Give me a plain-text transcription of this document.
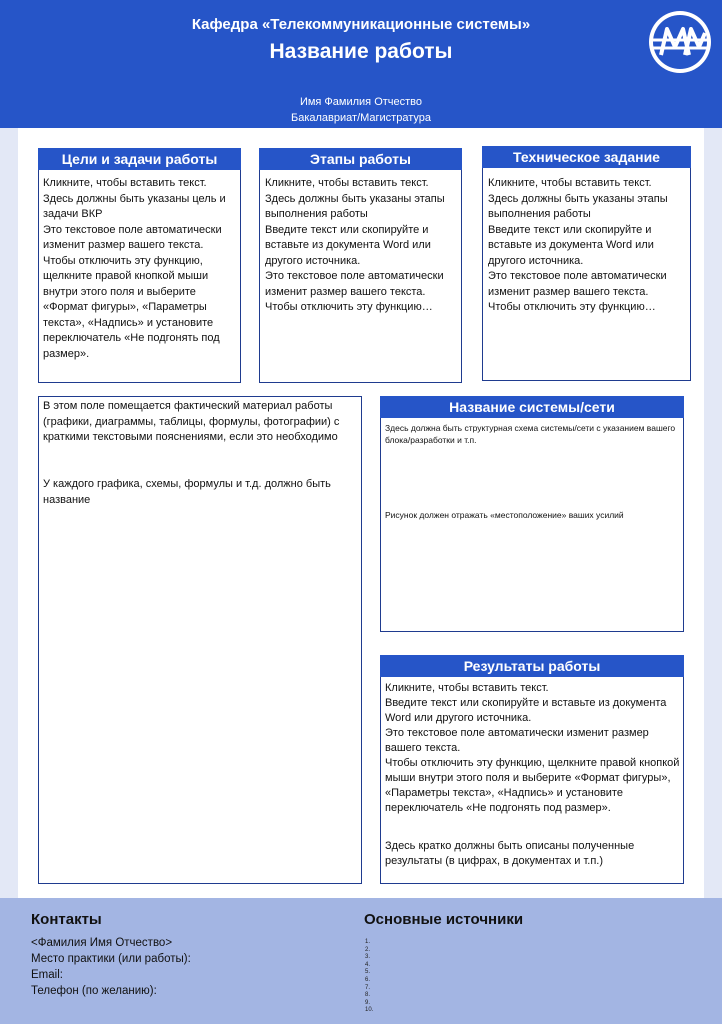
Кафедра «Телекоммуникационные системы»
Название работы
Имя Фамилия Отчество
Бакалавриат/Магистратура
Цели и задачи работы
Кликните, чтобы вставить текст.
Здесь должны быть указаны цель и задачи ВКР
Это текстовое поле автоматически изменит размер вашего текста.
Чтобы отключить эту функцию, щелкните правой кнопкой мыши внутри этого поля и выберите «Формат фигуры», «Параметры текста», «Надпись» и установите переключатель «Не подгонять под размер».
Этапы работы
Кликните, чтобы вставить текст.
Здесь должны быть указаны этапы выполнения работы
Введите текст или скопируйте и вставьте из документа Word или другого источника.
Это текстовое поле автоматически изменит размер вашего текста.
Чтобы отключить эту функцию…
Техническое задание
Кликните, чтобы вставить текст.
Здесь должны быть указаны этапы выполнения работы
Введите текст или скопируйте и вставьте из документа Word или другого источника.
Это текстовое поле автоматически изменит размер вашего текста.
Чтобы отключить эту функцию…
В этом поле помещается фактический материал работы (графики, диаграммы, таблицы, формулы, фотографии) с краткими текстовыми пояснениями, если это необходимо
У каждого графика, схемы, формулы и т.д. должно быть название
Название системы/сети
Здесь должна быть структурная схема системы/сети с указанием вашего блока/разработки и т.п.
Рисунок должен отражать «местоположение» ваших усилий
Результаты работы
Кликните, чтобы вставить текст.
Введите текст или скопируйте и вставьте из документа Word или другого источника.
Это текстовое поле автоматически изменит размер вашего текста.
Чтобы отключить эту функцию, щелкните правой кнопкой мыши внутри этого поля и выберите «Формат фигуры», «Параметры текста», «Надпись» и установите переключатель «Не подгонять под размер».
Здесь кратко должны быть описаны полученные результаты (в цифрах, в документах и т.п.)
Контакты
<Фамилия Имя Отчество>
Место практики (или работы):
Email:
Телефон (по желанию):
Основные источники
1.
2.
3.
4.
5.
6.
7.
8.
9.
10.
